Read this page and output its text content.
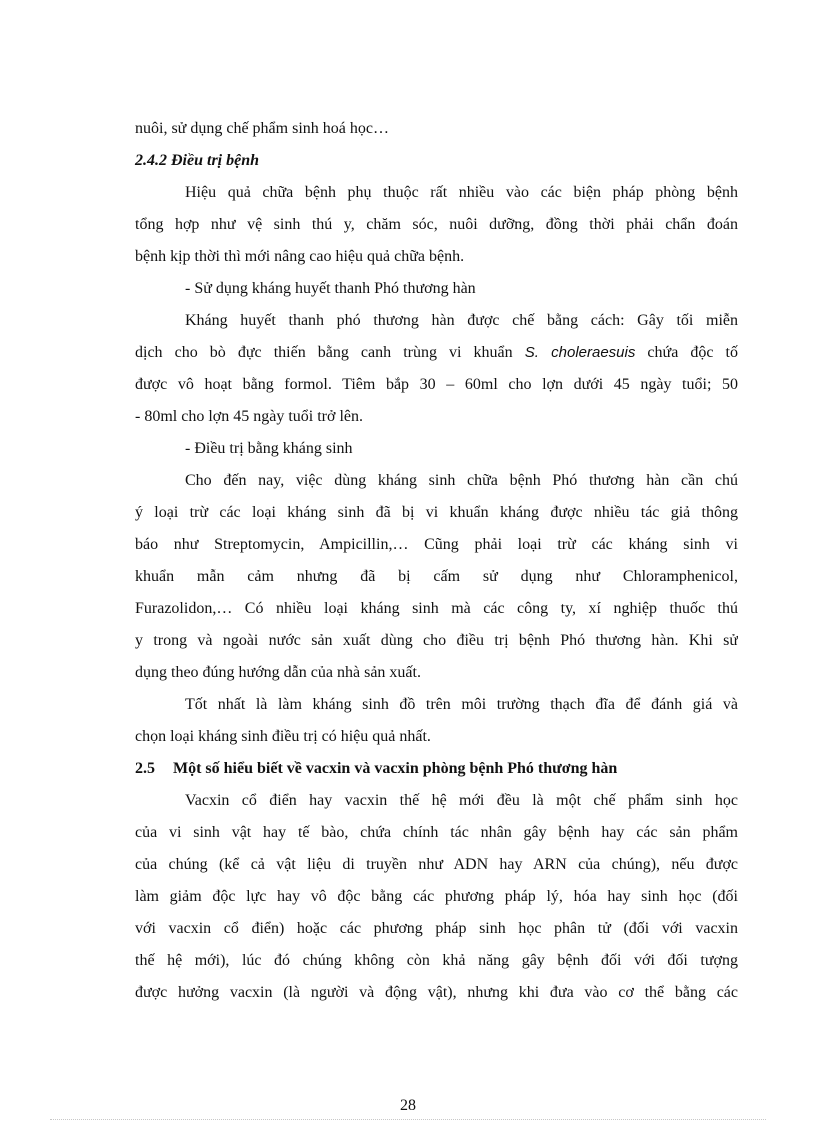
nuôi, sử dụng chế phẩm sinh hoá học…
2.4.2 Điều trị bệnh
Hiệu quả chữa bệnh phụ thuộc rất nhiều vào các biện pháp phòng bệnh
tổng hợp như vệ sinh thú y, chăm sóc, nuôi dưỡng, đồng thời phải chẩn đoán
bệnh kịp thời thì mới nâng cao hiệu quả chữa bệnh.
- Sử dụng kháng huyết thanh Phó thương hàn
Kháng huyết thanh phó thương hàn được chế bằng cách: Gây tối miễn
dịch cho bò đực thiến bằng canh trùng vi khuẩn S. choleraesuis chứa độc tố
được vô hoạt bằng formol. Tiêm bắp 30 – 60ml cho lợn dưới 45 ngày tuổi; 50
- 80ml cho lợn 45 ngày tuổi trở lên.
- Điều trị bằng kháng sinh
Cho đến nay, việc dùng kháng sinh chữa bệnh Phó thương hàn cần chú
ý loại trừ các loại kháng sinh đã bị vi khuẩn kháng được nhiều tác giả thông
báo như Streptomycin, Ampicillin,… Cũng phải loại trừ các kháng sinh vi
khuẩn mẫn cảm nhưng đã bị cấm sử dụng như Chloramphenicol,
Furazolidon,… Có nhiều loại kháng sinh mà các công ty, xí nghiệp thuốc thú
y trong và ngoài nước sản xuất dùng cho điều trị bệnh Phó thương hàn. Khi sử
dụng theo đúng hướng dẫn của nhà sản xuất.
Tốt nhất là làm kháng sinh đồ trên môi trường thạch đĩa để đánh giá và
chọn loại kháng sinh điều trị có hiệu quả nhất.
2.5 Một số hiểu biết về vacxin và vacxin phòng bệnh Phó thương hàn
Vacxin cổ điển hay vacxin thế hệ mới đều là một chế phẩm sinh học
của vi sinh vật hay tế bào, chứa chính tác nhân gây bệnh hay các sản phẩm
của chúng (kể cả vật liệu di truyền như ADN hay ARN của chúng), nếu được
làm giảm độc lực hay vô độc bằng các phương pháp lý, hóa hay sinh học (đối
với vacxin cổ điển) hoặc các phương pháp sinh học phân tử (đối với vacxin
thế hệ mới), lúc đó chúng không còn khả năng gây bệnh đối với đối tượng
được hưởng vacxin (là người và động vật), nhưng khi đưa vào cơ thể bằng các
28
